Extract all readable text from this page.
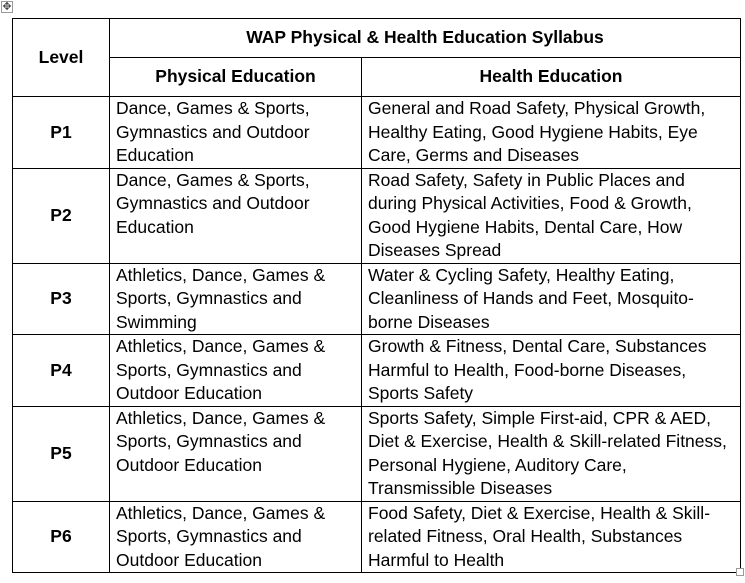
✥
Level	WAP Physical & Health Education Syllabus	
	Physical Education	Health Education
P1	Dance, Games & Sports, Gymnastics and Outdoor Education	General and Road Safety, Physical Growth, Healthy Eating, Good Hygiene Habits, Eye Care, Germs and Diseases
P2	Dance, Games & Sports, Gymnastics and Outdoor Education	Road Safety, Safety in Public Places and during Physical Activities, Food & Growth, Good Hygiene Habits, Dental Care, How Diseases Spread
P3	Athletics, Dance, Games & Sports, Gymnastics and Swimming	Water & Cycling Safety, Healthy Eating, Cleanliness of Hands and Feet, Mosquito-borne Diseases
P4	Athletics, Dance, Games & Sports, Gymnastics and Outdoor Education	Growth & Fitness, Dental Care, Substances Harmful to Health, Food-borne Diseases, Sports Safety
P5	Athletics, Dance, Games & Sports, Gymnastics and Outdoor Education	Sports Safety, Simple First-aid, CPR & AED, Diet & Exercise, Health & Skill-related Fitness, Personal Hygiene, Auditory Care, Transmissible Diseases
P6	Athletics, Dance, Games & Sports, Gymnastics and Outdoor Education	Food Safety, Diet & Exercise, Health & Skill-related Fitness, Oral Health, Substances Harmful to Health
